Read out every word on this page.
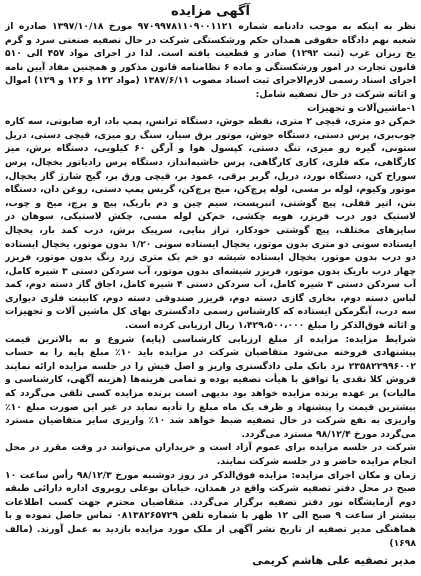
آگهی مزایده

نظر به اینکه به موجب دادنامه شماره ۹۷۰۹۹۷۸۱۱۰۹۰۰۱۱۲۱ مورخ ۱۳۹۷/۱۰/۱۸ صادره از شعبه نهم دادگاه حقوقی همدان حکم ورشکستگی شرکت در حال تصفیه صنعتی سرد و گرم یخ ریزان غرب (ثبت ۱۲۹۲) صادر و قطعیت یافته است. لذا در اجرای مواد ۴۵۷ الی ۵۱۰ قانون تجارت در امور ورشکستگی و ماده ۶ نظامنامه قانون مذکور و همچنین مفاد آیین نامه اجرای اسناد رسمی لازم‌الاجرای ثبت اسناد مصوب ۱۳۸۷/۶/۱۱ (مواد ۱۲۲ و ۱۲۶ و ۱۲۹) اموال و اثاثه شرکت در حال تصفیه شامل:

۱-ماشین‌آلات و تجهیزات

خم‌کن دو متری، قیچی ۲ متری، نقطه جوش، دستگاه ترانس، پمپ باد، اره صابونی، سه کاره چوب‌بری، پرس دستی، دستگاه جوش، موتور برق سیار، سنگ رو میزی، قیچی دستی، دریل ستونی، گیره رو میزی، تنگ دستی، کپسول هوا و آرگن ۶۰ کیلویی، دستگاه برش، میز کارگاهی، مکه فلزی، کاری کارگاهی، پرس حاشیه‌انداز، دستگاه پرس رادیاتور یخچال، پرس سوراخ کن، دستگاه نورد، دریل، گربر برقی، عمود بر، قیچی ورق بر، گیج شارژ گاز یخچال، موتور وکیوم، لوله بر مسی، لوله پرچ‌کن، میخ پرچ‌کن، گریس پمپ دستی، روغن دان، دستگاه بتن، اتیر قفلی، پیچ گوشتی، انبرپست، سیم چین و دم باریک، پیچ و پرچ، میخ و چوب، لاستیک دور درب فریزر، هویه چکشی، خم‌کن لوله مسی، چکش لاستیکی، سوهان در سایزهای مختلف، پیچ گوشتی خودکار، تراز بنایی، سرپیک برش، درب کمد بار، یخچال ایستاده سونی دو متری بدون موتور، یخچال ایستاده سونی ۱/۲۰ بدون موتور، یخچال ایستاده دو درب بدون موتور، یخچال ایستاده شیشه دو خم یک متری زرد رنگ بدون موتور، فریزر چهار درب باریک بدون موتور، فریزر شیشه‌ای بدون موتور، آب سردکن دستی ۳ شیره کامل، آب سردکن دستی ۳ شیره کامل، آب سردکن دستی ۴ شیره کامل، اجاق گاز دسته دوم، کمد لباس دسته دوم، بخاری گازی دسته دوم، فریزر صندوقی دسته دوم، کابینت فلزی دیواری سه درب، آبگرمکن ایستاده که کارشناس رسمی دادگستری بهای کل ماشین آلات و تجهیزات و اثاثه فوق‌الذکر را مبلغ ۱،۴۲۹،۵۰۰،۰۰۰ ریال ارزیابی کرده است.

شرایط مزایده: مزایده از مبلغ ارزیابی کارشناسی (پایه) شروع و به بالاترین قیمت پیشنهادی فروخته می‌شود متقاضیان شرکت در مزایده باید ۱۰٪ مبلغ پایه را به حساب ۲۳۵۸۲۲۹۹۶۰۰۲ نزد بانک ملی دادگستری واریز و اصل فیش را در جلسه مزایده ارائه نمایند فروش کلا نقدی یا توافق با هیأت تصفیه بوده و تمامی هزینه‌ها (هزینه آگهی، کارشناسی و مالیات) بر عهده برنده مزایده خواهد بود بدیهی است برنده مزایده کسی تلقی می‌گردد که بیشترین قیمت را پیشنهاد و ظرف یک ماه مبلغ را تأدیه نماید در غیر این صورت مبلغ ۱۰٪ واریزی به نفع شرکت در حال تصفیه ضبط خواهد شد ۱۰٪ واریزی سایر متقاضیان مسترد می‌گردد مورخ ۹۸/۱۲/۴ مسترد می‌گردد.

شرکت در جلسه مزایده برای عموم آزاد است و خریداران می‌توانند در وقت مقرر در محل انجام مزایده حاضر و در جلسه شرکت نمایند.

زمان و مکان اجرای مزایده: مزایده فوق‌الذکر در روز دوشنبه مورخ ۹۸/۱۲/۳ رأس ساعت ۱۰ صبح در محل دفتر تصفیه شرکت واقع در همدان، خیابان بوعلی روبروی اداره دارائی طبقه دوم آزمایشگاه نور دفتر تصفیه برگزار می‌گردد. متقاضیان محترم جهت کسب اطلاعات بیشتر از ساعت ۹ صبح الی ۱۲ ظهر با شماره تلفن ۰۸۱۳۸۲۶۵۷۲۹ تماس حاصل نموده و با هماهنگی مدیر تصفیه از تاریخ نشر آگهی از ملک مورد مزایده بازدید به عمل آورند. (مالف ۱۶۹۸)

مدیر تصفیه علی هاشم کریمی
